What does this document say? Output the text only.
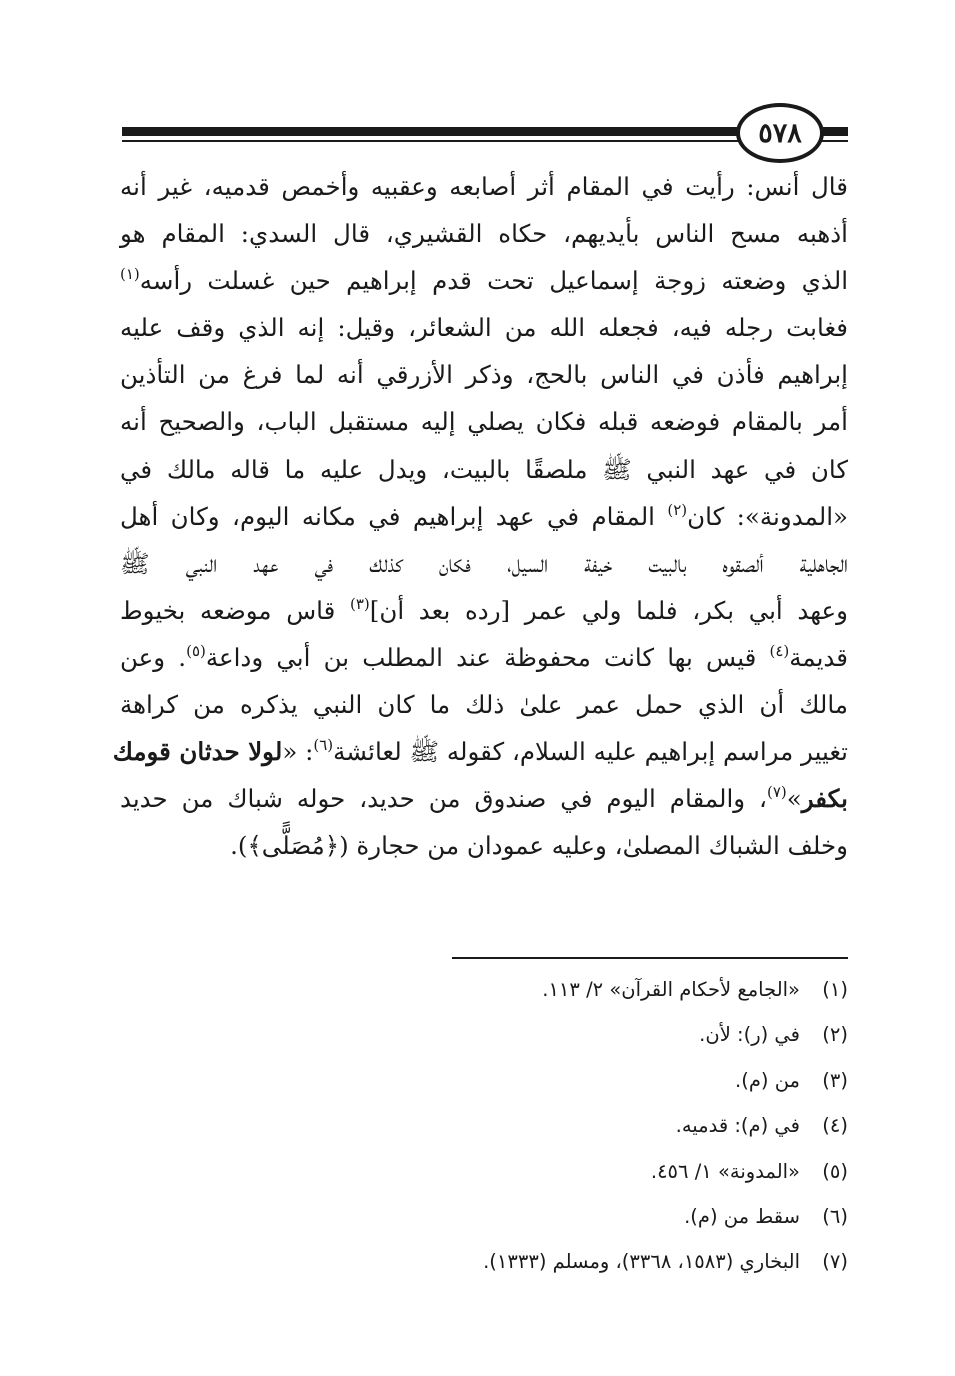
٥٧٨
قال أنس: رأيت في المقام أثر أصابعه وعقبيه وأخمص قدميه، غير أنه
أذهبه مسح الناس بأيديهم، حكاه القشيري، قال السدي: المقام هو
الذي وضعته زوجة إسماعيل تحت قدم إبراهيم حين غسلت رأسه$^{(١)}$
فغابت رجله فيه، فجعله الله من الشعائر، وقيل: إنه الذي وقف عليه
إبراهيم فأذن في الناس بالحج، وذكر الأزرقي أنه لما فرغ من التأذين
أمر بالمقام فوضعه قبله فكان يصلي إليه مستقبل الباب، والصحيح أنه
كان في عهد النبي ﷺ ملصقًا بالبيت، ويدل عليه ما قاله مالك في
«المدونة»: كان$^{(٢)}$ المقام في عهد إبراهيم في مكانه اليوم، وكان أهل
الجاهلية ألصقوه بالبيت خيفة السيل، فكان كذلك في عهد النبي ﷺ
وعهد أبي بكر، فلما ولي عمر [رده بعد أن]$^{(٣)}$ قاس موضعه بخيوط
قديمة$^{(٤)}$ قيس بها كانت محفوظة عند المطلب بن أبي وداعة$^{(٥)}$. وعن
مالك أن الذي حمل عمر علىٰ ذلك ما كان النبي يذكره من كراهة
تغيير مراسم إبراهيم عليه السلام، كقوله ﷺ لعائشة$^{(٦)}$: «لولا حدثان قومك
بكفر»$^{(٧)}$، والمقام اليوم في صندوق من حديد، حوله شباك من حديد
وخلف الشباك المصلىٰ، وعليه عمودان من حجارة (﴿مُصَلًّى﴾).
(١)«الجامع لأحكام القرآن» ٢/ ١١٣.
(٢)في (ر): لأن.
(٣)من (م).
(٤)في (م): قدميه.
(٥)«المدونة» ١/ ٤٥٦.
(٦)سقط من (م).
(٧)البخاري (١٥٨٣، ٣٣٦٨)، ومسلم (١٣٣٣).
